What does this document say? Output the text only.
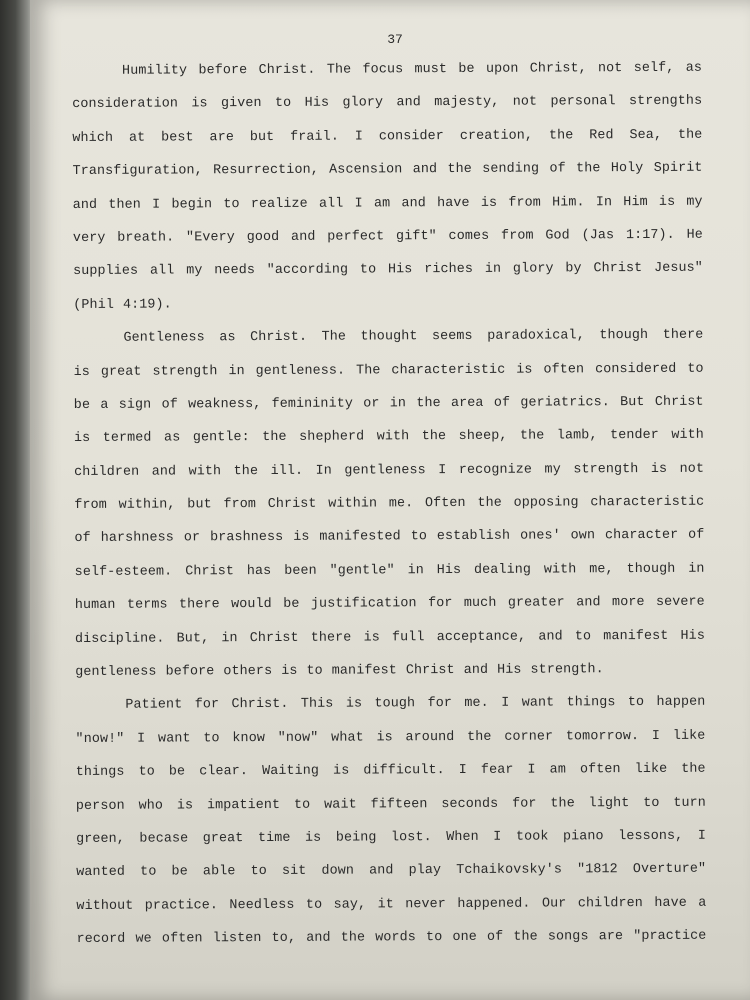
37
Humility before Christ. The focus must be upon Christ, not self, as
consideration is given to His glory and majesty, not personal strengths
which at best are but frail. I consider creation, the Red Sea, the
Transfiguration, Resurrection, Ascension and the sending of the Holy Spirit
and then I begin to realize all I am and have is from Him. In Him is my
very breath. "Every good and perfect gift" comes from God (Jas 1:17). He
supplies all my needs "according to His riches in glory by Christ Jesus"
(Phil 4:19).
Gentleness as Christ. The thought seems paradoxical, though there
is great strength in gentleness. The characteristic is often considered to
be a sign of weakness, femininity or in the area of geriatrics. But Christ
is termed as gentle: the shepherd with the sheep, the lamb, tender with
children and with the ill. In gentleness I recognize my strength is not
from within, but from Christ within me. Often the opposing characteristic
of harshness or brashness is manifested to establish ones' own character of
self-esteem. Christ has been "gentle" in His dealing with me, though in
human terms there would be justification for much greater and more severe
discipline. But, in Christ there is full acceptance, and to manifest His
gentleness before others is to manifest Christ and His strength.
Patient for Christ. This is tough for me. I want things to happen
"now!" I want to know "now" what is around the corner tomorrow. I like
things to be clear. Waiting is difficult. I fear I am often like the
person who is impatient to wait fifteen seconds for the light to turn
green, becase great time is being lost. When I took piano lessons, I
wanted to be able to sit down and play Tchaikovsky's "1812 Overture"
without practice. Needless to say, it never happened. Our children have a
record we often listen to, and the words to one of the songs are "practice
